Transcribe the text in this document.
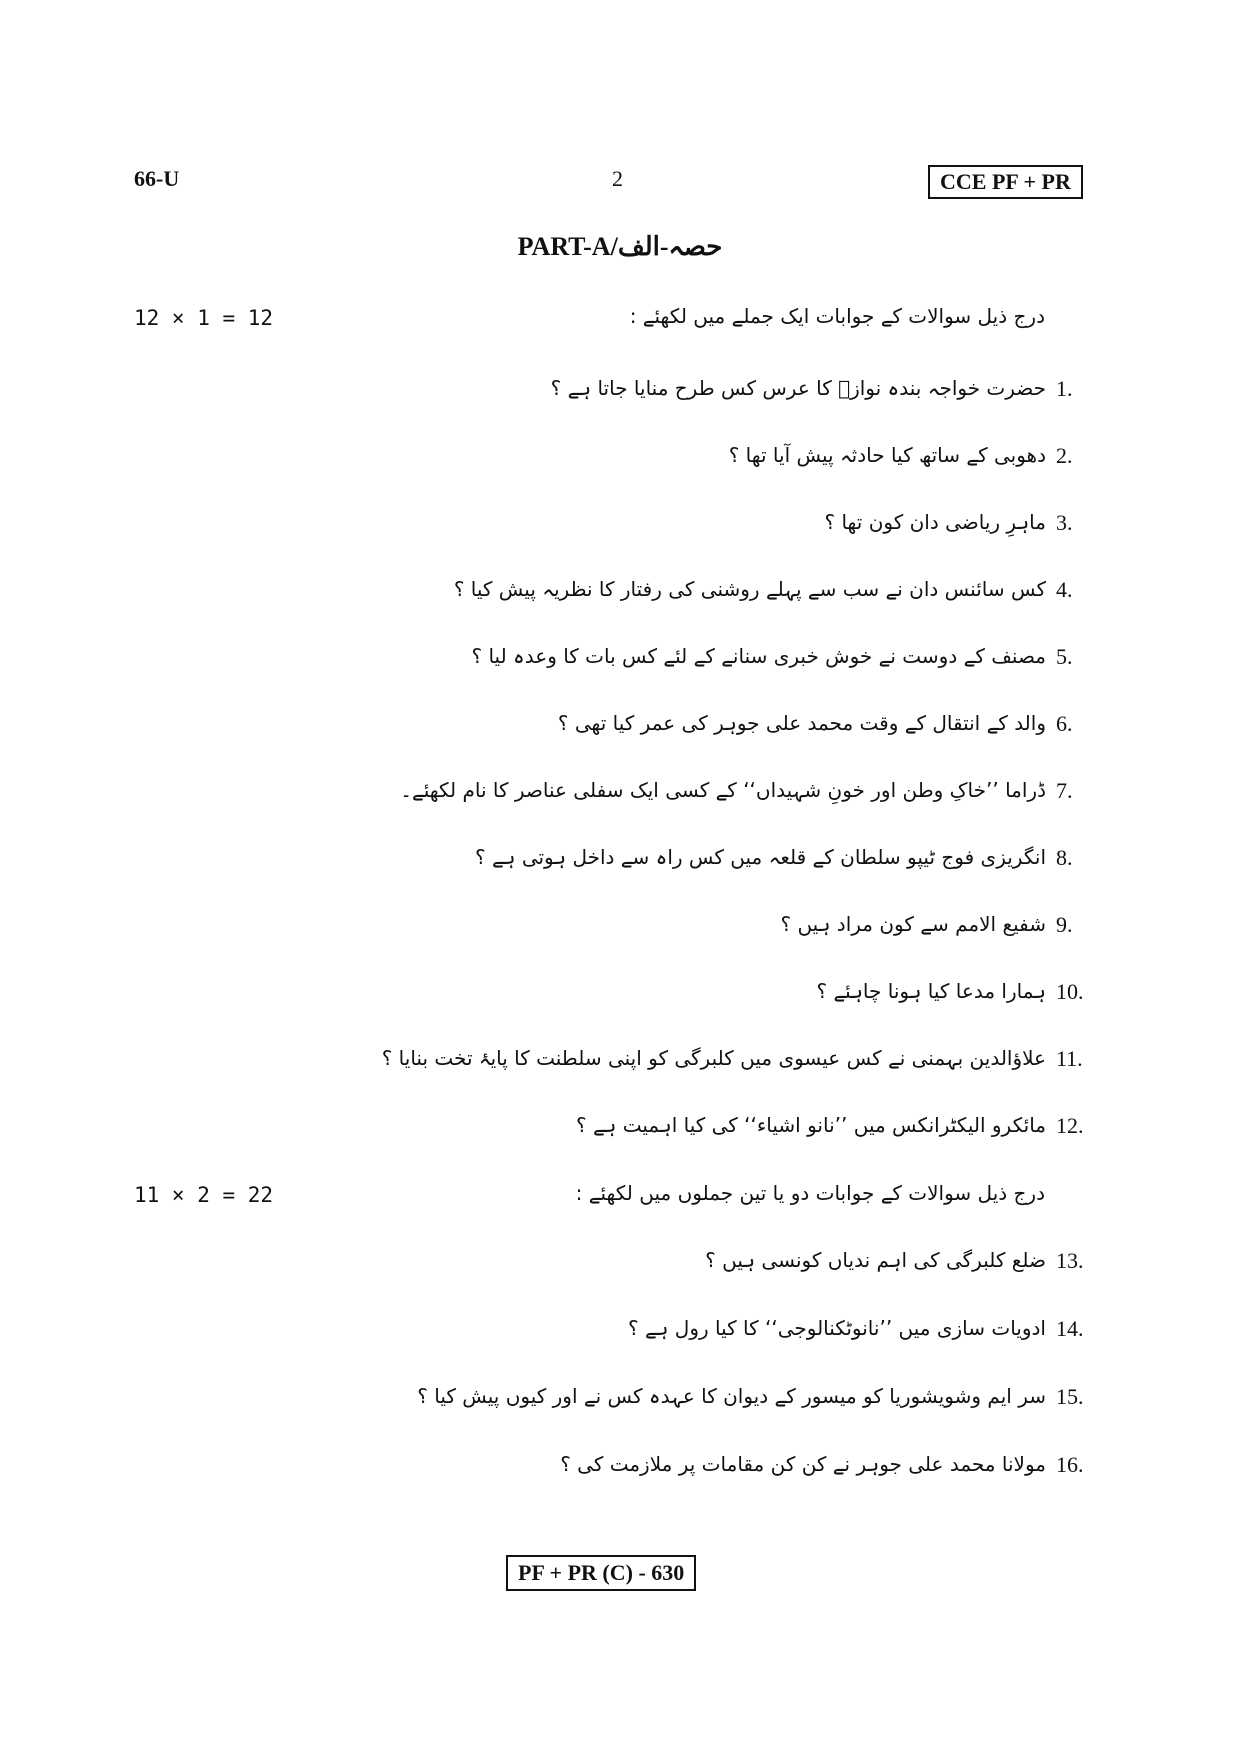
66-U	2	CCE PF + PR
PART-A/حصہ-الف
12 × 1 = 12	درج ذیل سوالات کے جوابات ایک جملے میں لکھئے :
1.
حضرت خواجہ بندہ نوازؒ کا عرس کس طرح منایا جاتا ہے ؟
2.
دھوبی کے ساتھ کیا حادثہ پیش آیا تھا ؟
3.
ماہرِ ریاضی دان کون تھا ؟
4.
کس سائنس دان نے سب سے پہلے روشنی کی رفتار کا نظریہ پیش کیا ؟
5.
مصنف کے دوست نے خوش خبری سنانے کے لئے کس بات کا وعدہ لیا ؟
6.
والد کے انتقال کے وقت محمد علی جوہر کی عمر کیا تھی ؟
7.
ڈراما ’’خاکِ وطن اور خونِ شہیداں‘‘ کے کسی ایک سفلی عناصر کا نام لکھئے۔
8.
انگریزی فوج ٹیپو سلطان کے قلعہ میں کس راہ سے داخل ہوتی ہے ؟
9.
شفیع الامم سے کون مراد ہیں ؟
10.
ہمارا مدعا کیا ہونا چاہئے ؟
11.
علاؤالدین بہمنی نے کس عیسوی میں کلبرگی کو اپنی سلطنت کا پایۂ تخت بنایا ؟
12.
مائکرو الیکٹرانکس میں ’’نانو اشیاء‘‘ کی کیا اہمیت ہے ؟
11 × 2 = 22	درج ذیل سوالات کے جوابات دو یا تین جملوں میں لکھئے :
13.
ضلع کلبرگی کی اہم ندیاں کونسی ہیں ؟
14.
ادویات سازی میں ’’نانوٹکنالوجی‘‘ کا کیا رول ہے ؟
15.
سر ایم وشویشوریا کو میسور کے دیوان کا عہدہ کس نے اور کیوں پیش کیا ؟
16.
مولانا محمد علی جوہر نے کن کن مقامات پر ملازمت کی ؟
PF + PR (C) - 630
